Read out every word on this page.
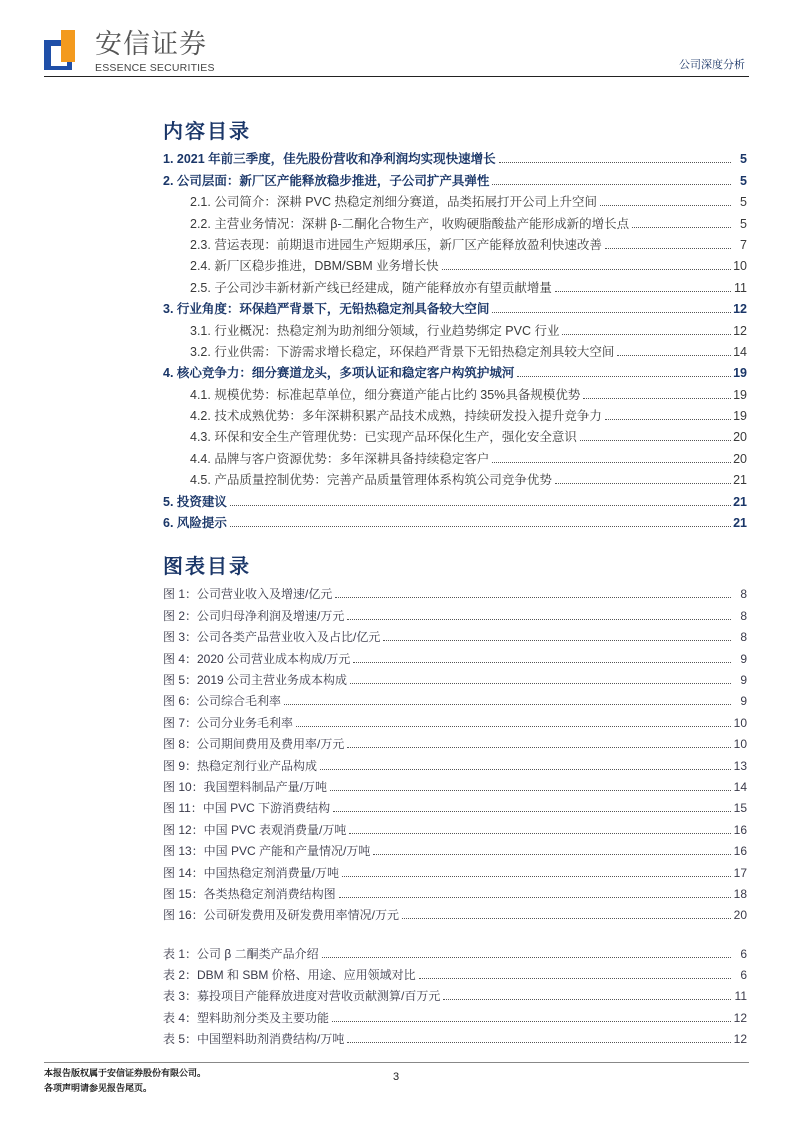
安信证券
ESSENCE SECURITIES	公司深度分析
内容目录
1. 2021 年前三季度，佳先股份营收和净利润均实现快速增长	5
2. 公司层面：新厂区产能释放稳步推进，子公司扩产具弹性	5
2.1. 公司简介：深耕 PVC 热稳定剂细分赛道，品类拓展打开公司上升空间	5
2.2. 主营业务情况：深耕 β-二酮化合物生产，收购硬脂酸盐产能形成新的增长点	5
2.3. 营运表现：前期退市进园生产短期承压，新厂区产能释放盈利快速改善	7
2.4. 新厂区稳步推进，DBM/SBM 业务增长快	10
2.5. 子公司沙丰新材新产线已经建成，随产能释放亦有望贡献增量	11
3. 行业角度：环保趋严背景下，无铅热稳定剂具备较大空间	12
3.1. 行业概况：热稳定剂为助剂细分领域，行业趋势绑定 PVC 行业	12
3.2. 行业供需：下游需求增长稳定，环保趋严背景下无铅热稳定剂具较大空间	14
4. 核心竞争力：细分赛道龙头，多项认证和稳定客户构筑护城河	19
4.1. 规模优势：标准起草单位，细分赛道产能占比约 35%具备规模优势	19
4.2. 技术成熟优势：多年深耕积累产品技术成熟，持续研发投入提升竞争力	19
4.3. 环保和安全生产管理优势：已实现产品环保化生产，强化安全意识	20
4.4. 品牌与客户资源优势：多年深耕具备持续稳定客户	20
4.5. 产品质量控制优势：完善产品质量管理体系构筑公司竞争优势	21
5. 投资建议	21
6. 风险提示	21
图表目录
图 1：公司营业收入及增速/亿元	8
图 2：公司归母净利润及增速/万元	8
图 3：公司各类产品营业收入及占比/亿元	8
图 4：2020 公司营业成本构成/万元	9
图 5：2019 公司主营业务成本构成	9
图 6：公司综合毛利率	9
图 7：公司分业务毛利率	10
图 8：公司期间费用及费用率/万元	10
图 9：热稳定剂行业产品构成	13
图 10：我国塑料制品产量/万吨	14
图 11：中国 PVC 下游消费结构	15
图 12：中国 PVC 表观消费量/万吨	16
图 13：中国 PVC 产能和产量情况/万吨	16
图 14：中国热稳定剂消费量/万吨	17
图 15：各类热稳定剂消费结构图	18
图 16：公司研发费用及研发费用率情况/万元	20
表 1：公司 β 二酮类产品介绍	6
表 2：DBM 和 SBM 价格、用途、应用领域对比	6
表 3：募投项目产能释放进度对营收贡献测算/百万元	11
表 4：塑料助剂分类及主要功能	12
表 5：中国塑料助剂消费结构/万吨	12
本报告版权属于安信证券股份有限公司。
各项声明请参见报告尾页。
3
